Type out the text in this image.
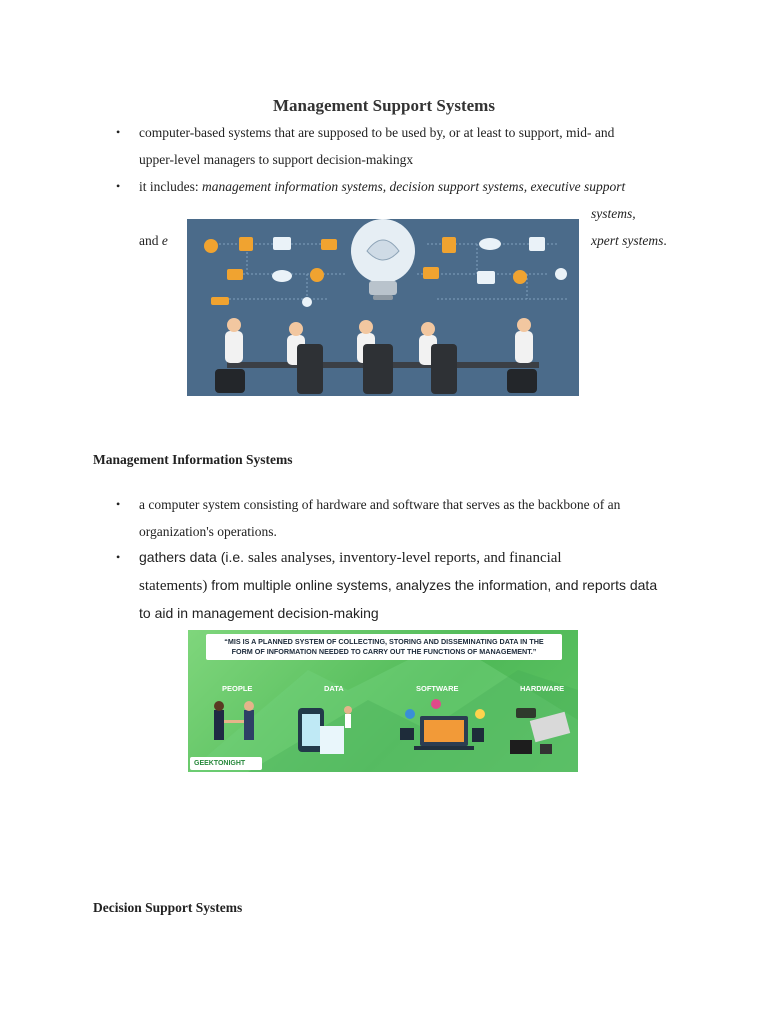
Management Support Systems
• computer-based systems that are supposed to be used by, or at least to support, mid- and
upper-level managers to support decision-makingx
• it includes: management information systems, decision support systems, executive support
systems,
and e	xpert systems.
Management Information Systems
• a computer system consisting of hardware and software that serves as the backbone of an
organization's operations.
• gathers data (i.e. sales analyses, inventory-level reports, and financial
statements) from multiple online systems, analyzes the information, and reports data
to aid in management decision-making
“MIS IS A PLANNED SYSTEM OF COLLECTING, STORING AND DISSEMINATING DATA IN THE
FORM OF INFORMATION NEEDED TO CARRY OUT THE FUNCTIONS OF MANAGEMENT.”
PEOPLE	DATA	SOFTWARE	HARDWARE
GEEKTONIGHT
Decision Support Systems
